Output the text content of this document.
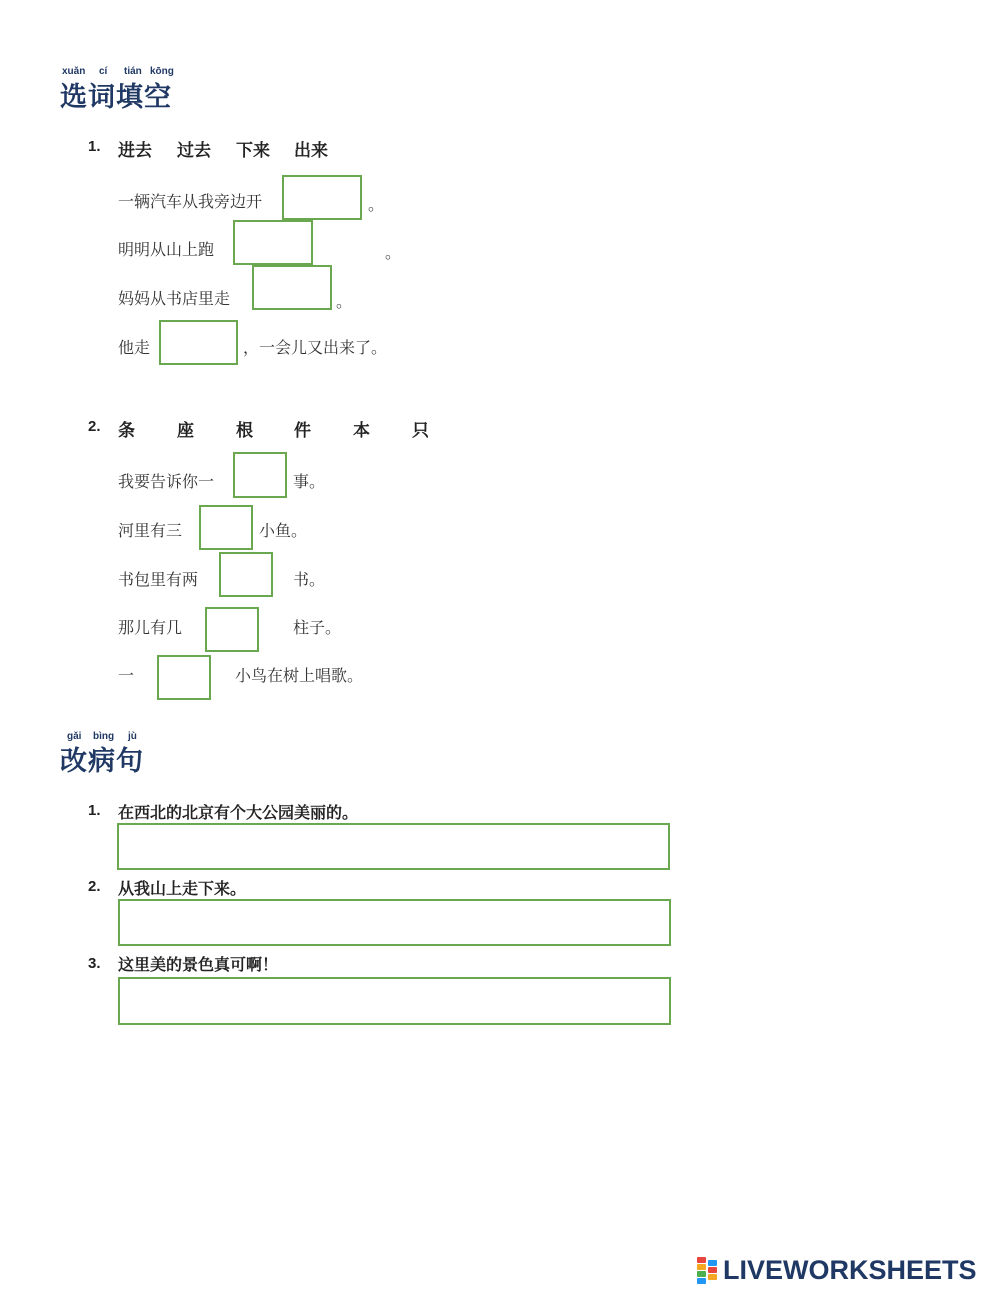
xuǎn cí tián kōng
选词填空
1. 进去 过去 下来 出来
一辆汽车从我旁边开	。
明明从山上跑	。
妈妈从书店里走	。
他走	，一会儿又出来了。
2. 条 座 根 件 本 只
我要告诉你一	事。
河里有三	小鱼。
书包里有两	书。
那儿有几	柱子。
一	小鸟在树上唱歌。
gǎi bìng jù
改病句
1. 在西北的北京有个大公园美丽的。
2. 从我山上走下来。
3. 这里美的景色真可啊！
LIVEWORKSHEETS
